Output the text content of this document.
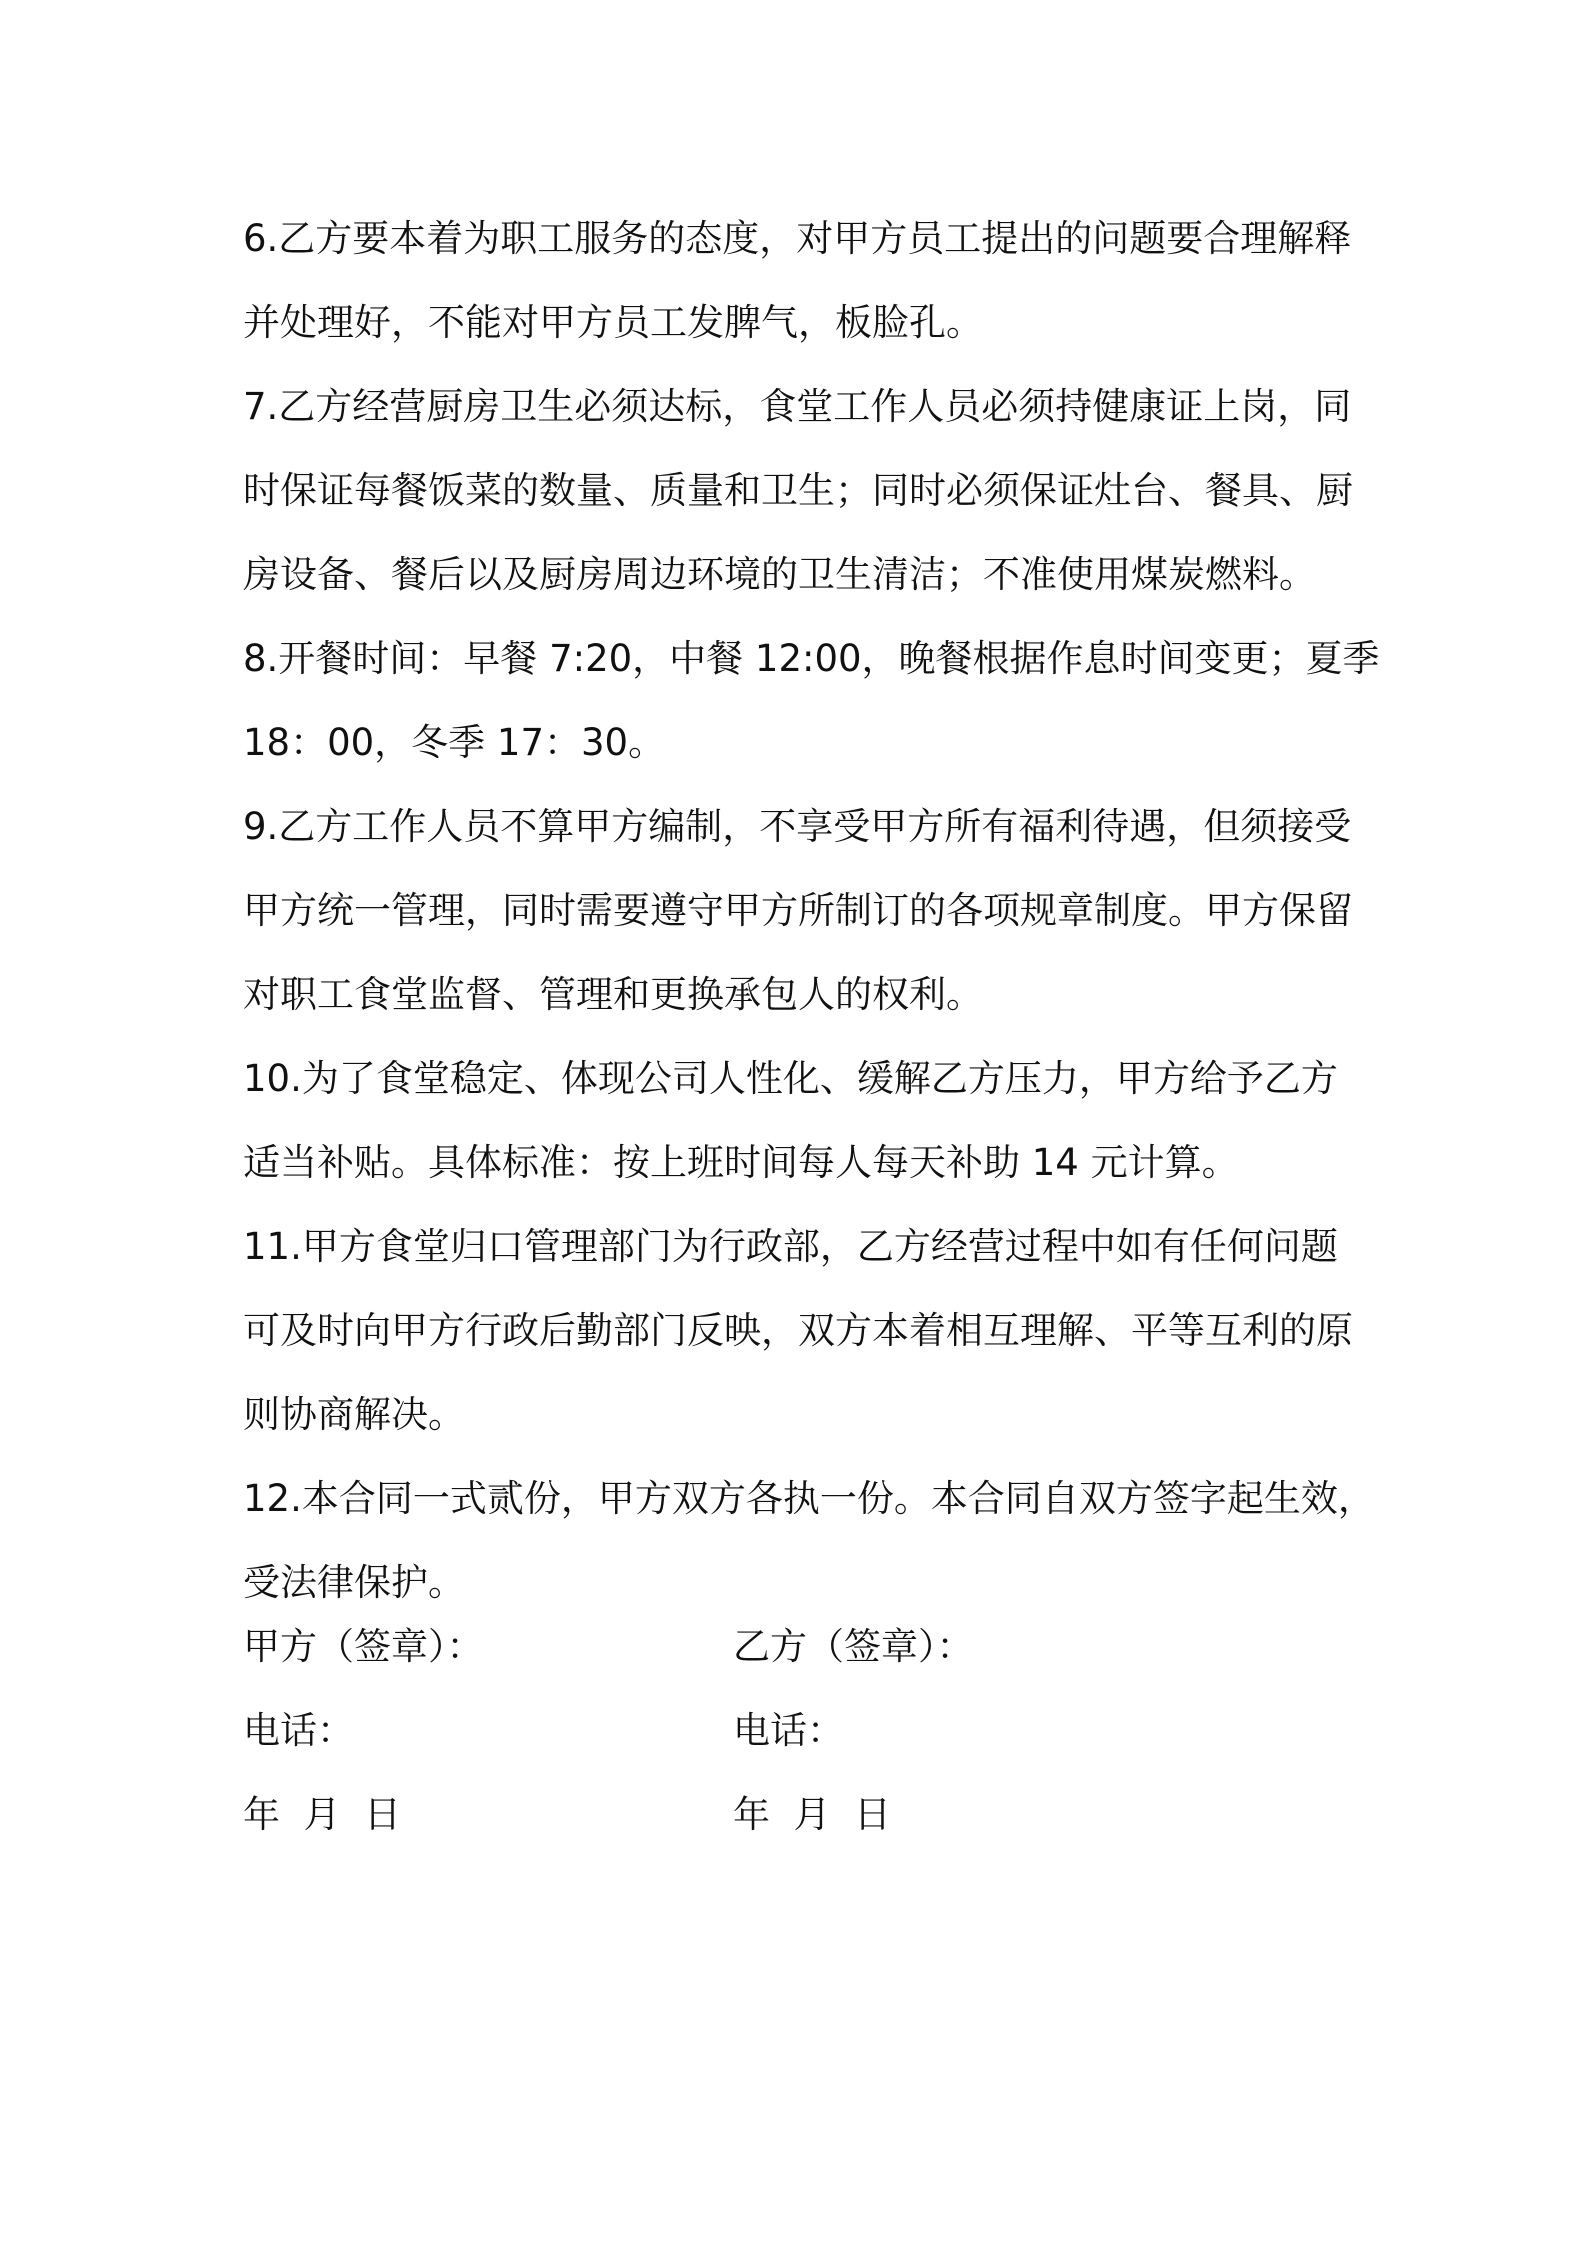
6.乙方要本着为职工服务的态度，对甲方员工提出的问题要合理解释
并处理好，不能对甲方员工发脾气，板脸孔。
7.乙方经营厨房卫生必须达标，食堂工作人员必须持健康证上岗，同
时保证每餐饭菜的数量、质量和卫生；同时必须保证灶台、餐具、厨
房设备、餐后以及厨房周边环境的卫生清洁；不准使用煤炭燃料。
8.开餐时间：早餐 7:20，中餐 12:00，晚餐根据作息时间变更；夏季
18：00，冬季 17：30。
9.乙方工作人员不算甲方编制，不享受甲方所有福利待遇，但须接受
甲方统一管理，同时需要遵守甲方所制订的各项规章制度。甲方保留
对职工食堂监督、管理和更换承包人的权利。
10.为了食堂稳定、体现公司人性化、缓解乙方压力，甲方给予乙方
适当补贴。具体标准：按上班时间每人每天补助 14 元计算。
11.甲方食堂归口管理部门为行政部，乙方经营过程中如有任何问题
可及时向甲方行政后勤部门反映，双方本着相互理解、平等互利的原
则协商解决。
12.本合同一式贰份，甲方双方各执一份。本合同自双方签字起生效，
受法律保护。
甲方（签章）：	乙方（签章）：
电话：	电话：
年  月  日	年  月  日
